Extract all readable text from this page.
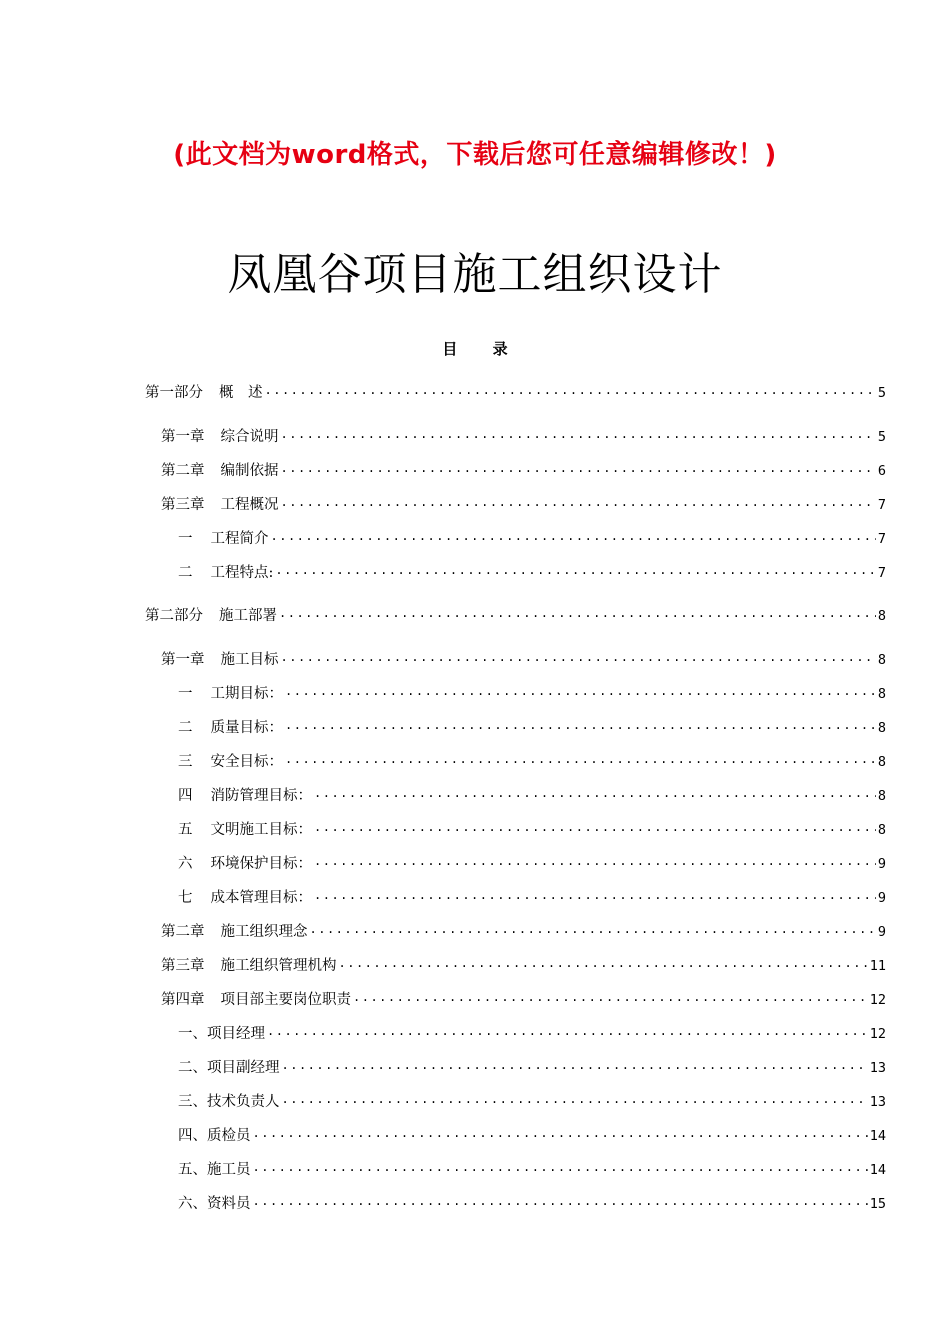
(此文档为word格式，下载后您可任意编辑修改！)
凤凰谷项目施工组织设计
目 录
第一部分 概　述 .....	5
第一章 综合说明 .....	5
第二章 编制依据 .....	6
第三章 工程概况 .....	7
一 工程简介 .....	7
二 工程特点: .....	7
第二部分 施工部署 .....	8
第一章 施工目标 .....	8
一 工期目标： .....	8
二 质量目标： .....	8
三 安全目标： .....	8
四 消防管理目标： .....	8
五 文明施工目标： .....	8
六 环境保护目标： .....	9
七 成本管理目标： .....	9
第二章 施工组织理念 .....	9
第三章 施工组织管理机构 .....	11
第四章 项目部主要岗位职责 .....	12
一、项目经理 .....	12
二、项目副经理 .....	13
三、技术负责人 .....	13
四、质检员 .....	14
五、施工员 .....	14
六、资料员 .....	15
